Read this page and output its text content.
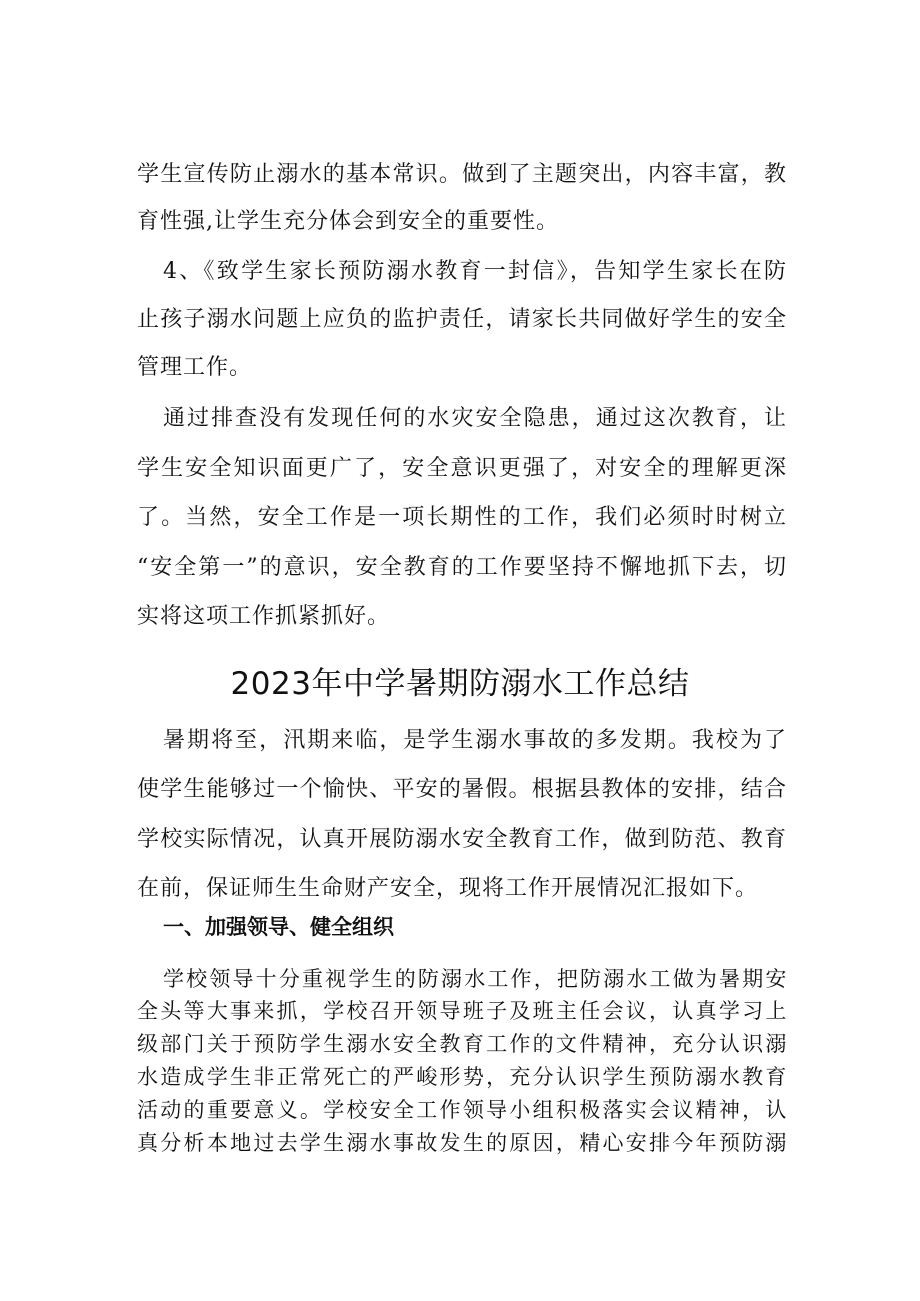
学生宣传防止溺水的基本常识。做到了主题突出，内容丰富，教
育性强,让学生充分体会到安全的重要性。
4、《致学生家长预防溺水教育一封信》，告知学生家长在防
止孩子溺水问题上应负的监护责任，请家长共同做好学生的安全
管理工作。
通过排查没有发现任何的水灾安全隐患，通过这次教育，让
学生安全知识面更广了，安全意识更强了，对安全的理解更深
了。当然，安全工作是一项长期性的工作，我们必须时时树立
“安全第一”的意识，安全教育的工作要坚持不懈地抓下去，切
实将这项工作抓紧抓好。
2023年中学暑期防溺水工作总结
暑期将至，汛期来临，是学生溺水事故的多发期。我校为了
使学生能够过一个愉快、平安的暑假。根据县教体的安排，结合
学校实际情况，认真开展防溺水安全教育工作，做到防范、教育
在前，保证师生生命财产安全，现将工作开展情况汇报如下。
一、加强领导、健全组织
学校领导十分重视学生的防溺水工作，把防溺水工做为暑期安
全头等大事来抓，学校召开领导班子及班主任会议，认真学习上
级部门关于预防学生溺水安全教育工作的文件精神，充分认识溺
水造成学生非正常死亡的严峻形势，充分认识学生预防溺水教育
活动的重要意义。学校安全工作领导小组积极落实会议精神，认
真分析本地过去学生溺水事故发生的原因，精心安排今年预防溺
